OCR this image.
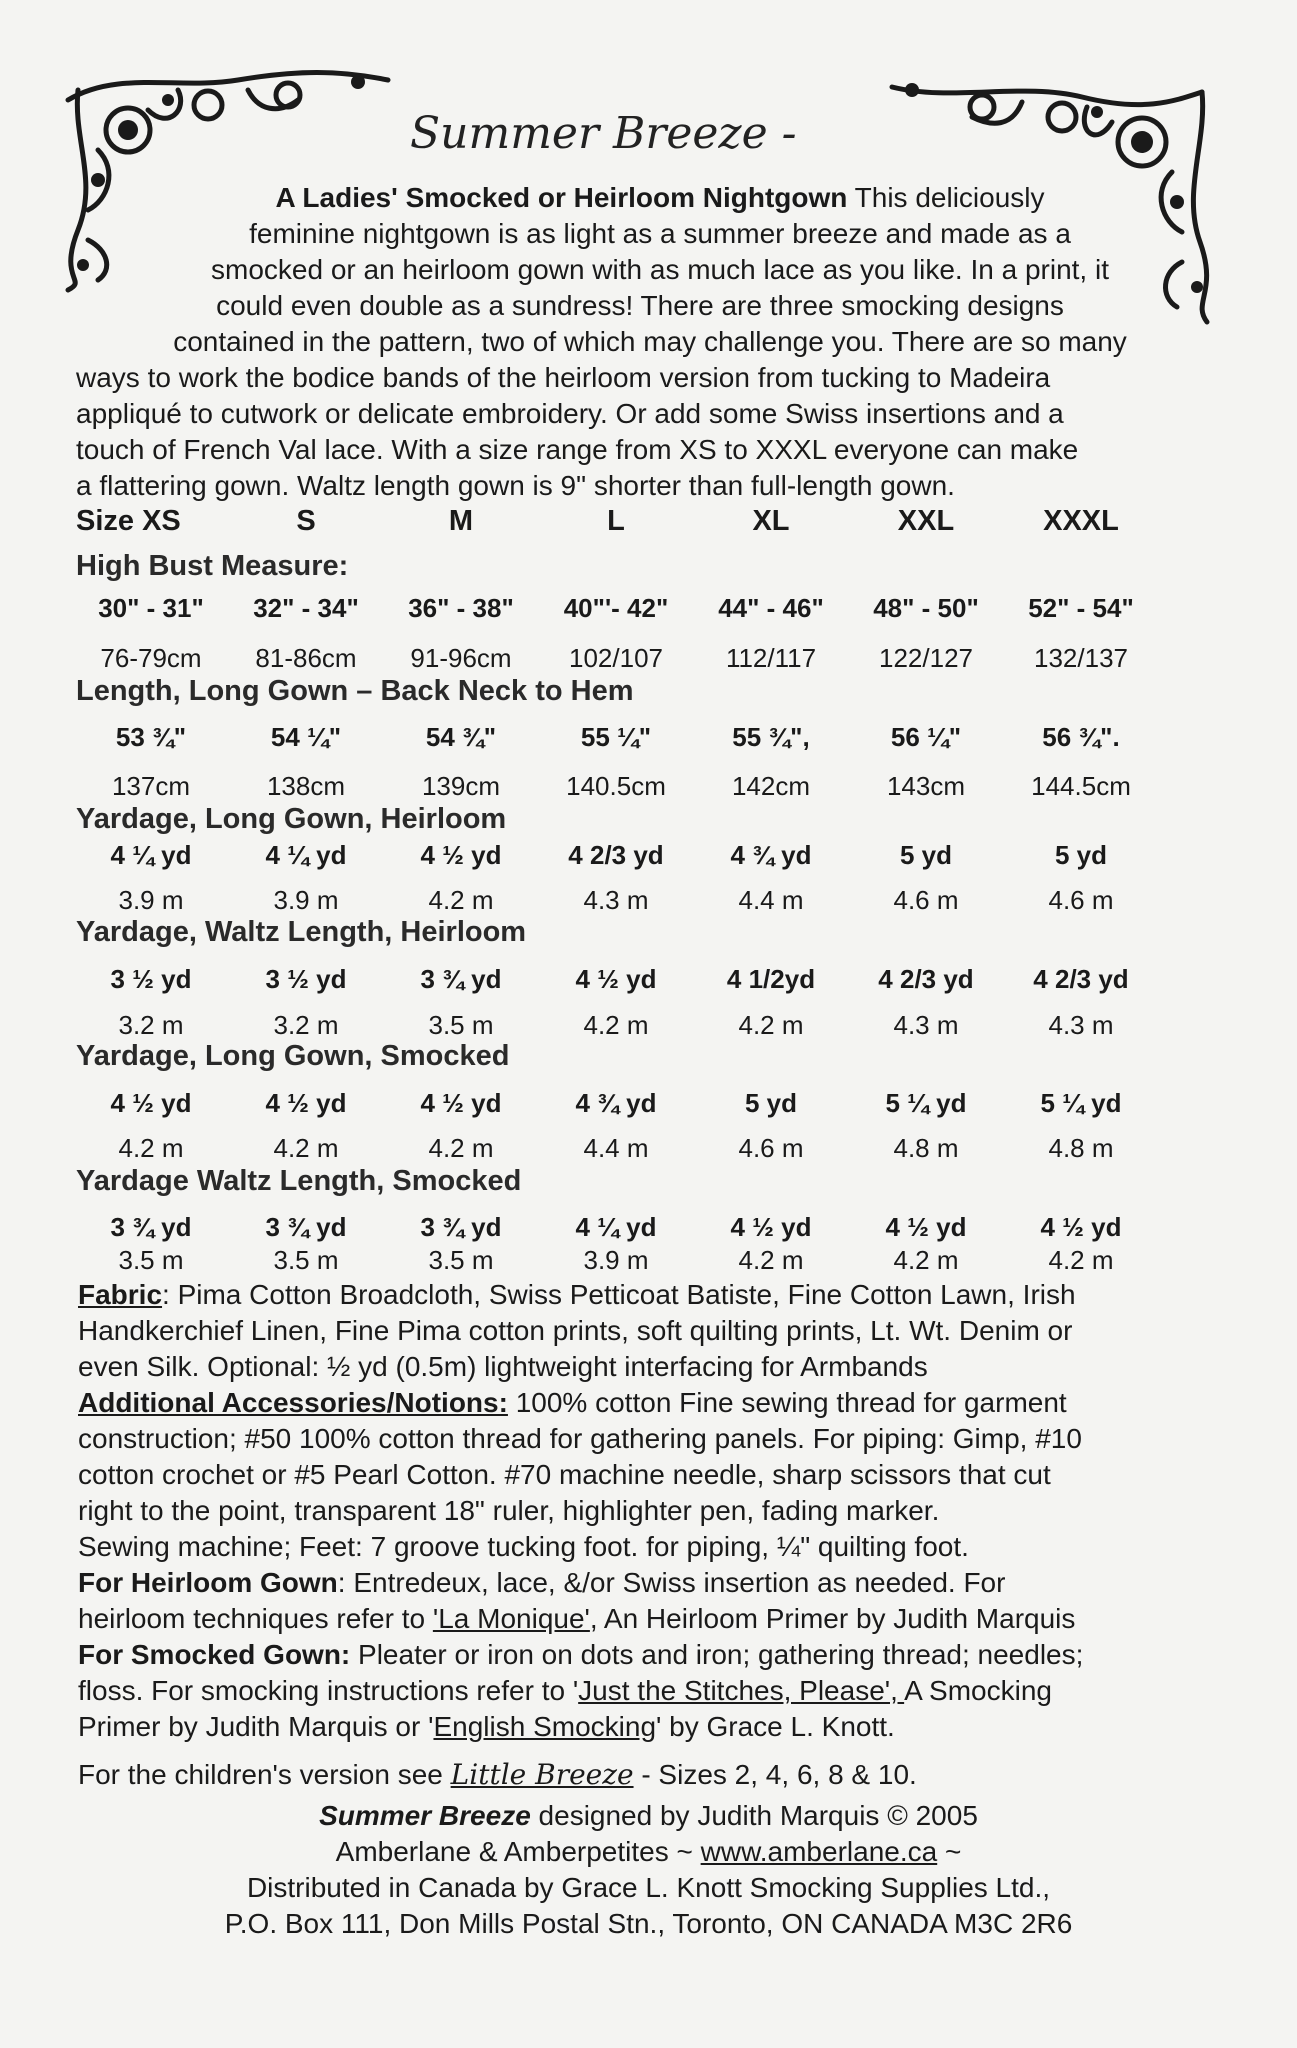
Summer Breeze -
A Ladies' Smocked or Heirloom Nightgown This deliciously
feminine nightgown is as light as a summer breeze and made as a
smocked or an heirloom gown with as much lace as you like. In a print, it
could even double as a sundress! There are three smocking designs
contained in the pattern, two of which may challenge you. There are so many
ways to work the bodice bands of the heirloom version from tucking to Madeira
appliqué to cutwork or delicate embroidery. Or add some Swiss insertions and a
touch of French Val lace. With a size range from XS to XXXL everyone can make
a flattering gown. Waltz length gown is 9" shorter than full-length gown.
Size XS	S	M	L	XL	XXL	XXXL
High Bust Measure:
30" - 31"	32" - 34"	36" - 38"	40"'- 42"	44" - 46"	48" - 50"	52" - 54"
76-79cm	81-86cm	91-96cm	102/107	112/117	122/127	132/137
Length, Long Gown – Back Neck to Hem
53 ¾"	54 ¼"	54 ¾"	55 ¼"	55 ¾",	56 ¼"	56 ¾".
137cm	138cm	139cm	140.5cm	142cm	143cm	144.5cm
Yardage, Long Gown, Heirloom
4 ¼ yd	4 ¼ yd	4 ½ yd	4 2/3 yd	4 ¾ yd	5 yd	5 yd
3.9 m	3.9 m	4.2 m	4.3 m	4.4 m	4.6 m	4.6 m
Yardage, Waltz Length, Heirloom
3 ½ yd	3 ½ yd	3 ¾ yd	4 ½ yd	4 1/2yd	4 2/3 yd	4 2/3 yd
3.2 m	3.2 m	3.5 m	4.2 m	4.2 m	4.3 m	4.3 m
Yardage, Long Gown, Smocked
4 ½ yd	4 ½ yd	4 ½ yd	4 ¾ yd	5 yd	5 ¼ yd	5 ¼ yd
4.2 m	4.2 m	4.2 m	4.4 m	4.6 m	4.8 m	4.8 m
Yardage Waltz Length, Smocked
3 ¾ yd	3 ¾ yd	3 ¾ yd	4 ¼ yd	4 ½ yd	4 ½ yd	4 ½ yd
3.5 m	3.5 m	3.5 m	3.9 m	4.2 m	4.2 m	4.2 m
Fabric: Pima Cotton Broadcloth, Swiss Petticoat Batiste, Fine Cotton Lawn, Irish
Handkerchief Linen, Fine Pima cotton prints, soft quilting prints, Lt. Wt. Denim or
even Silk. Optional: ½ yd (0.5m) lightweight interfacing for Armbands
Additional Accessories/Notions: 100% cotton Fine sewing thread for garment
construction; #50 100% cotton thread for gathering panels. For piping: Gimp, #10
cotton crochet or #5 Pearl Cotton. #70 machine needle, sharp scissors that cut
right to the point, transparent 18" ruler, highlighter pen, fading marker.
Sewing machine; Feet: 7 groove tucking foot. for piping, ¼" quilting foot.
For Heirloom Gown: Entredeux, lace, &/or Swiss insertion as needed. For
heirloom techniques refer to 'La Monique', An Heirloom Primer by Judith Marquis
For Smocked Gown: Pleater or iron on dots and iron; gathering thread; needles;
floss. For smocking instructions refer to 'Just the Stitches, Please', A Smocking
Primer by Judith Marquis or 'English Smocking' by Grace L. Knott.
For the children's version see Little Breeze - Sizes 2, 4, 6, 8 & 10.
Summer Breeze designed by Judith Marquis © 2005
Amberlane & Amberpetites ~ www.amberlane.ca ~
Distributed in Canada by Grace L. Knott Smocking Supplies Ltd.,
P.O. Box 111, Don Mills Postal Stn., Toronto, ON CANADA M3C 2R6
